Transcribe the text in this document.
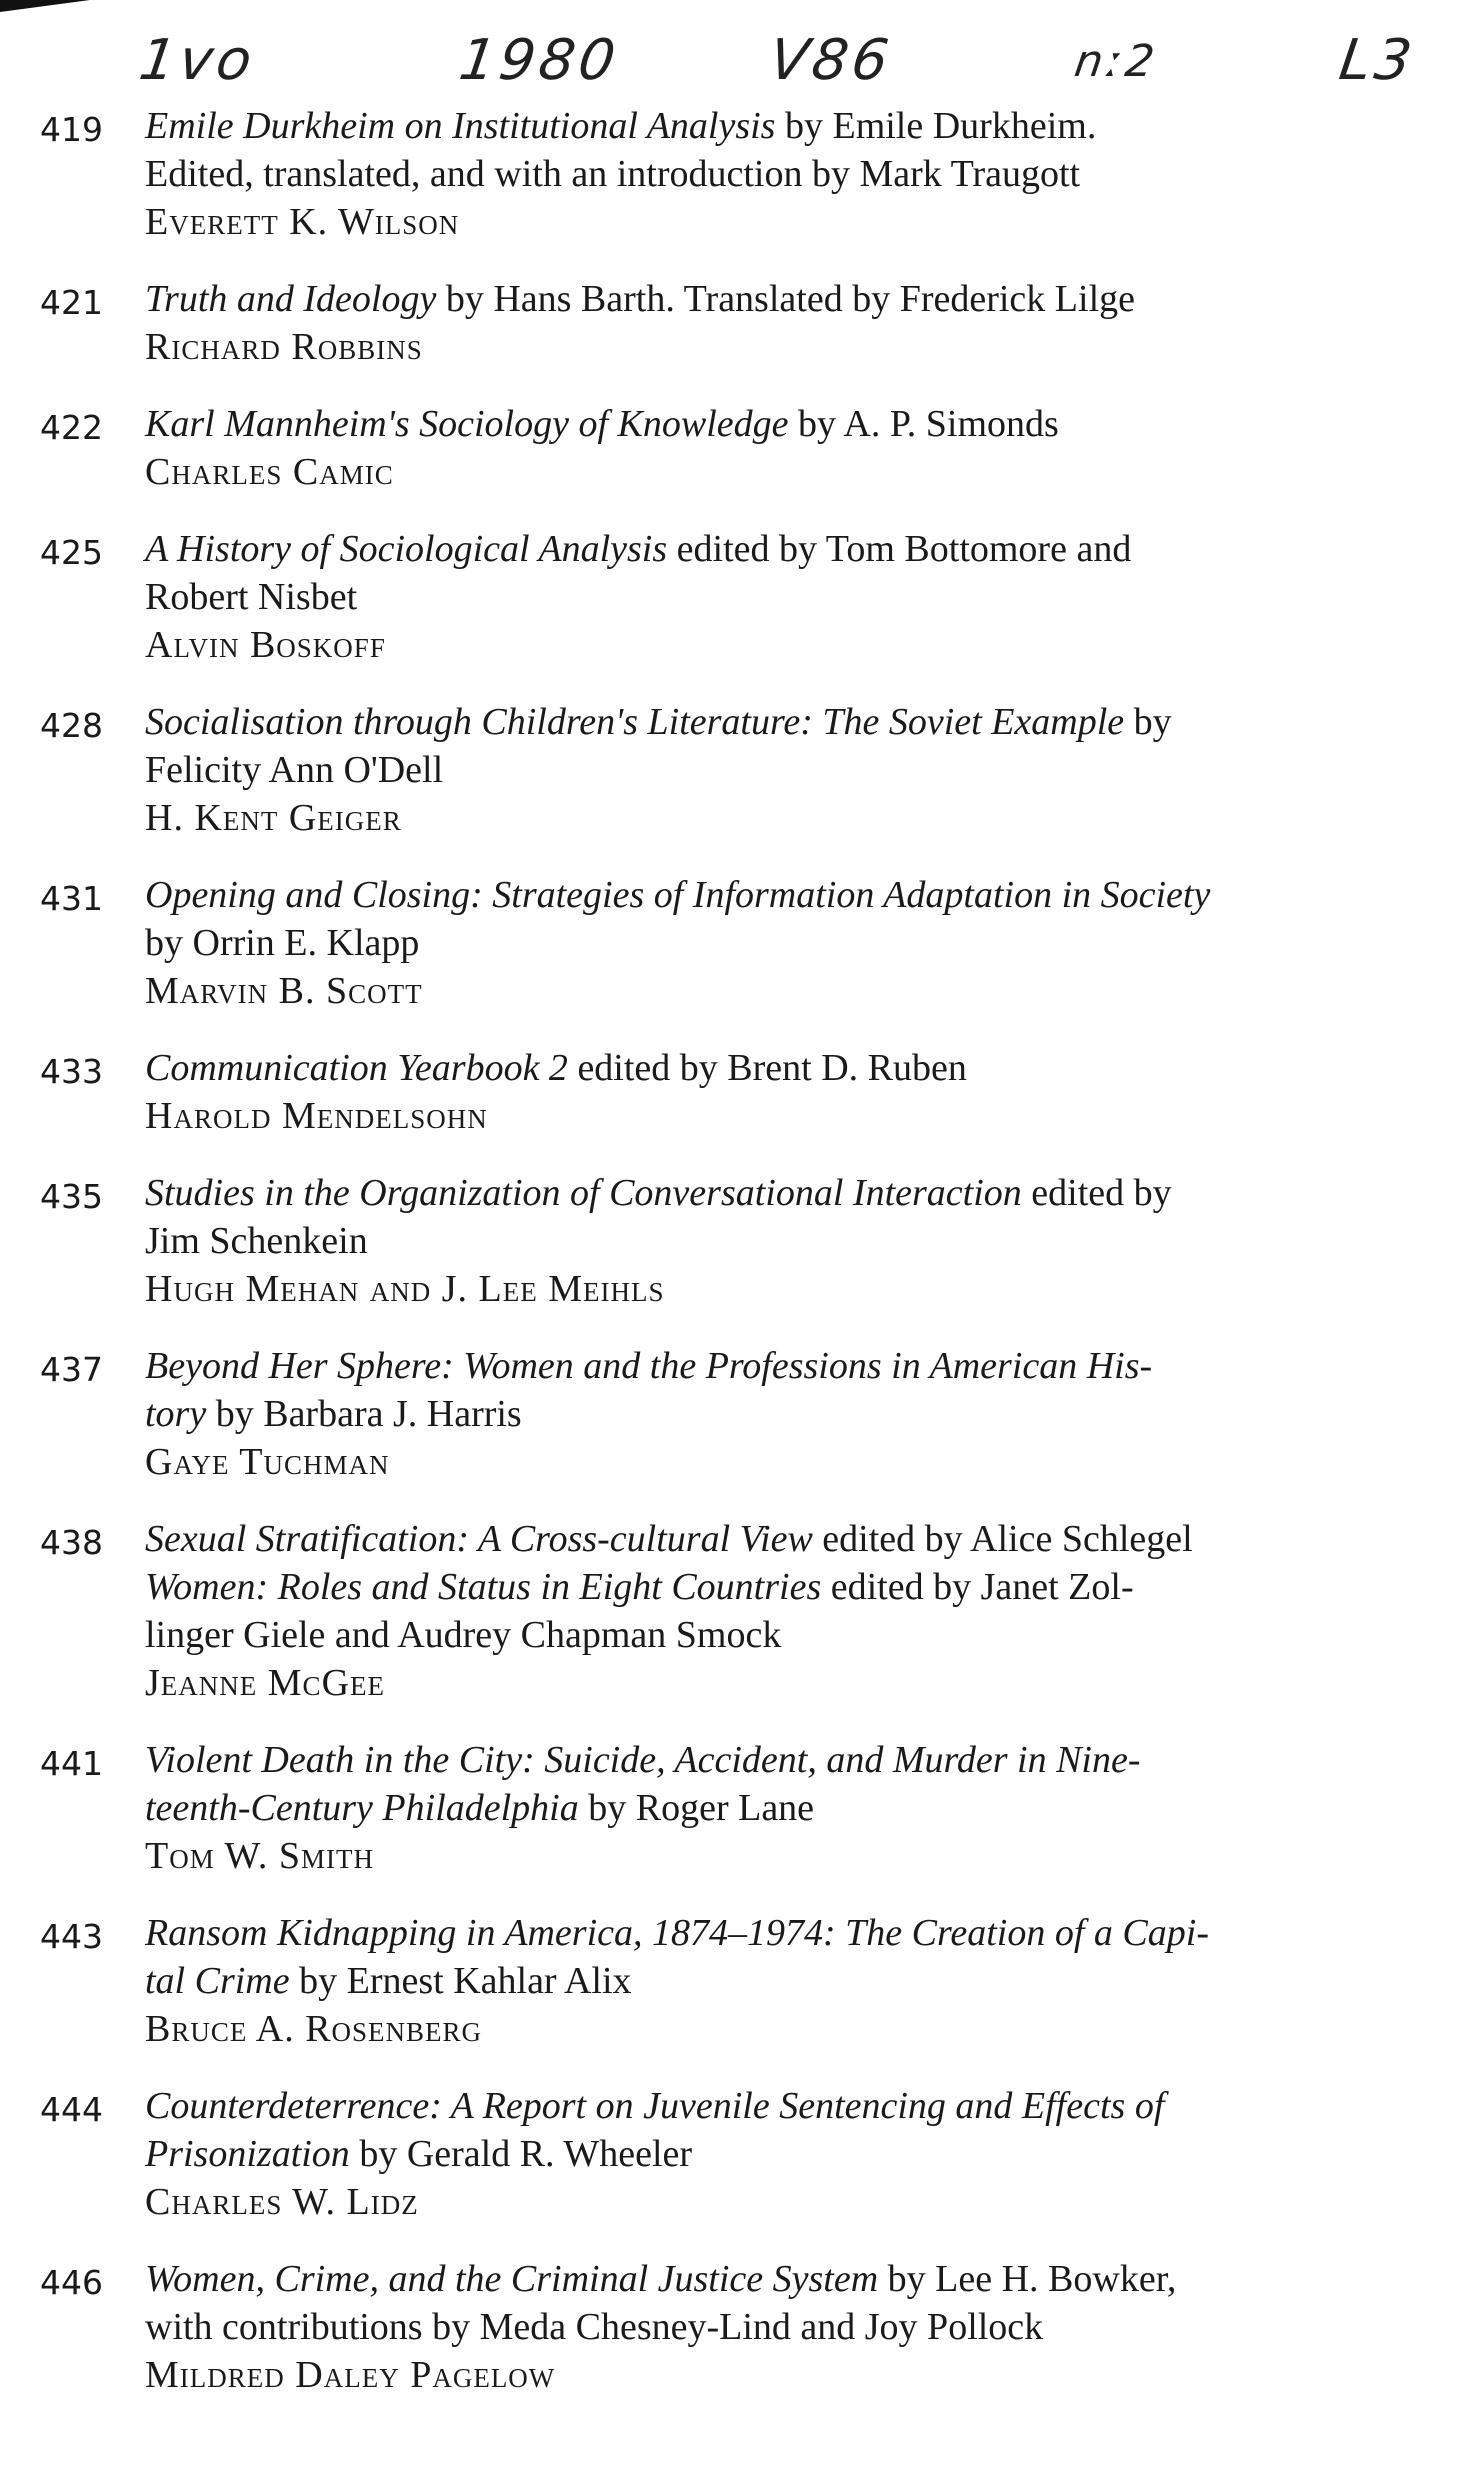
1vo	1980	V86	nː2	L3
419 Emile Durkheim on Institutional Analysis by Emile Durkheim.
Edited, translated, and with an introduction by Mark Traugott
Everett K. Wilson
421 Truth and Ideology by Hans Barth. Translated by Frederick Lilge
Richard Robbins
422 Karl Mannheim's Sociology of Knowledge by A. P. Simonds
Charles Camic
425 A History of Sociological Analysis edited by Tom Bottomore and
Robert Nisbet
Alvin Boskoff
428 Socialisation through Children's Literature: The Soviet Example by
Felicity Ann O'Dell
H. Kent Geiger
431 Opening and Closing: Strategies of Information Adaptation in Society
by Orrin E. Klapp
Marvin B. Scott
433 Communication Yearbook 2 edited by Brent D. Ruben
Harold Mendelsohn
435 Studies in the Organization of Conversational Interaction edited by
Jim Schenkein
Hugh Mehan and J. Lee Meihls
437 Beyond Her Sphere: Women and the Professions in American His-
tory by Barbara J. Harris
Gaye Tuchman
438 Sexual Stratification: A Cross-cultural View edited by Alice Schlegel
Women: Roles and Status in Eight Countries edited by Janet Zol-
linger Giele and Audrey Chapman Smock
Jeanne McGee
441 Violent Death in the City: Suicide, Accident, and Murder in Nine-
teenth-Century Philadelphia by Roger Lane
Tom W. Smith
443 Ransom Kidnapping in America, 1874–1974: The Creation of a Capi-
tal Crime by Ernest Kahlar Alix
Bruce A. Rosenberg
444 Counterdeterrence: A Report on Juvenile Sentencing and Effects of
Prisonization by Gerald R. Wheeler
Charles W. Lidz
446 Women, Crime, and the Criminal Justice System by Lee H. Bowker,
with contributions by Meda Chesney-Lind and Joy Pollock
Mildred Daley Pagelow
